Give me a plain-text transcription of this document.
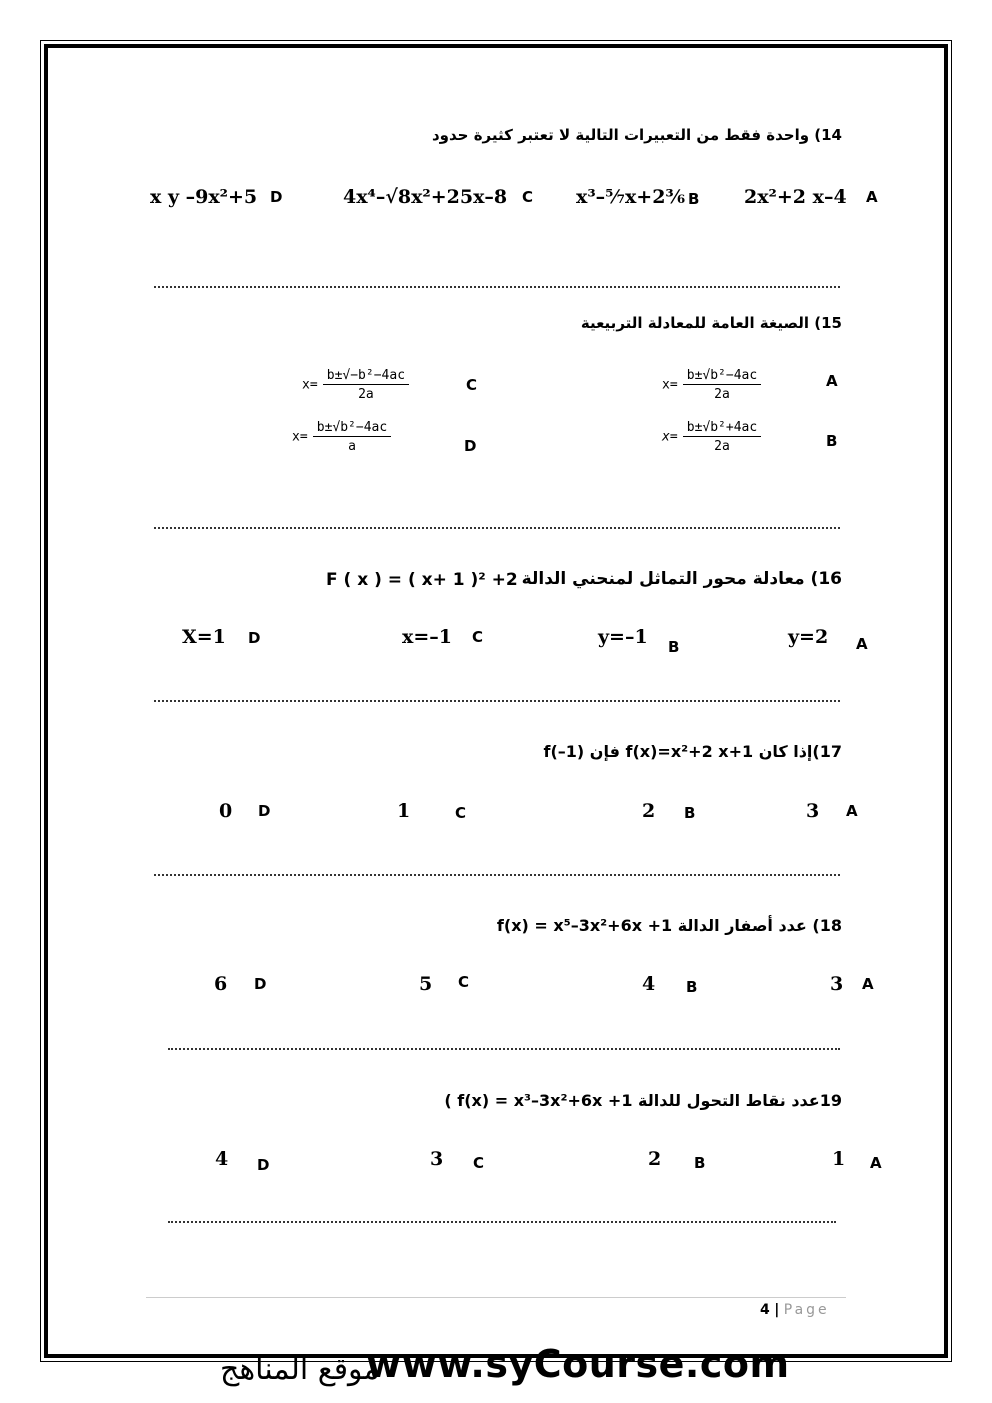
14) واحدة فقط من التعبيرات التالية لا تعتبر كثيرة حدود
A
2x²+2 x–4
B
x³–⁵⁄₇x+2³⁄₆
C
4x⁴–√8x²+25x–8
D
x y –9x²+5
15) الصيغة العامة للمعادلة التربيعية
A
$x= \frac{\text{b±√b²−4ac}}{2a}$
B
$x= \frac{\text{b±√b²+4ac}}{2a}$
C
$x= \frac{\text{b±√−b²−4ac}}{2a}$
D
$x= \frac{\text{b±√b²−4ac}}{a}$
16) معادلة محور التماثل لمنحني الدالة
F ( x ) = ( x+ 1 )² +2
A
y=2
B
y=–1
C
x=–1
D
X=1
17)إذا كان f(x)=x²+2 x+1 فإن f(–1)
A
3
B
2
C
1
D
0
18) عدد أصفار الدالة f(x) = x⁵–3x²+6x +1
A
3
B
4
C
5
D
6
19عدد نقاط التحول للدالة f(x) = x³–3x²+6x +1 )
A
1
B
2
C
3
D
4
4 | Page
www.syCourse.com
موقع المناهج
